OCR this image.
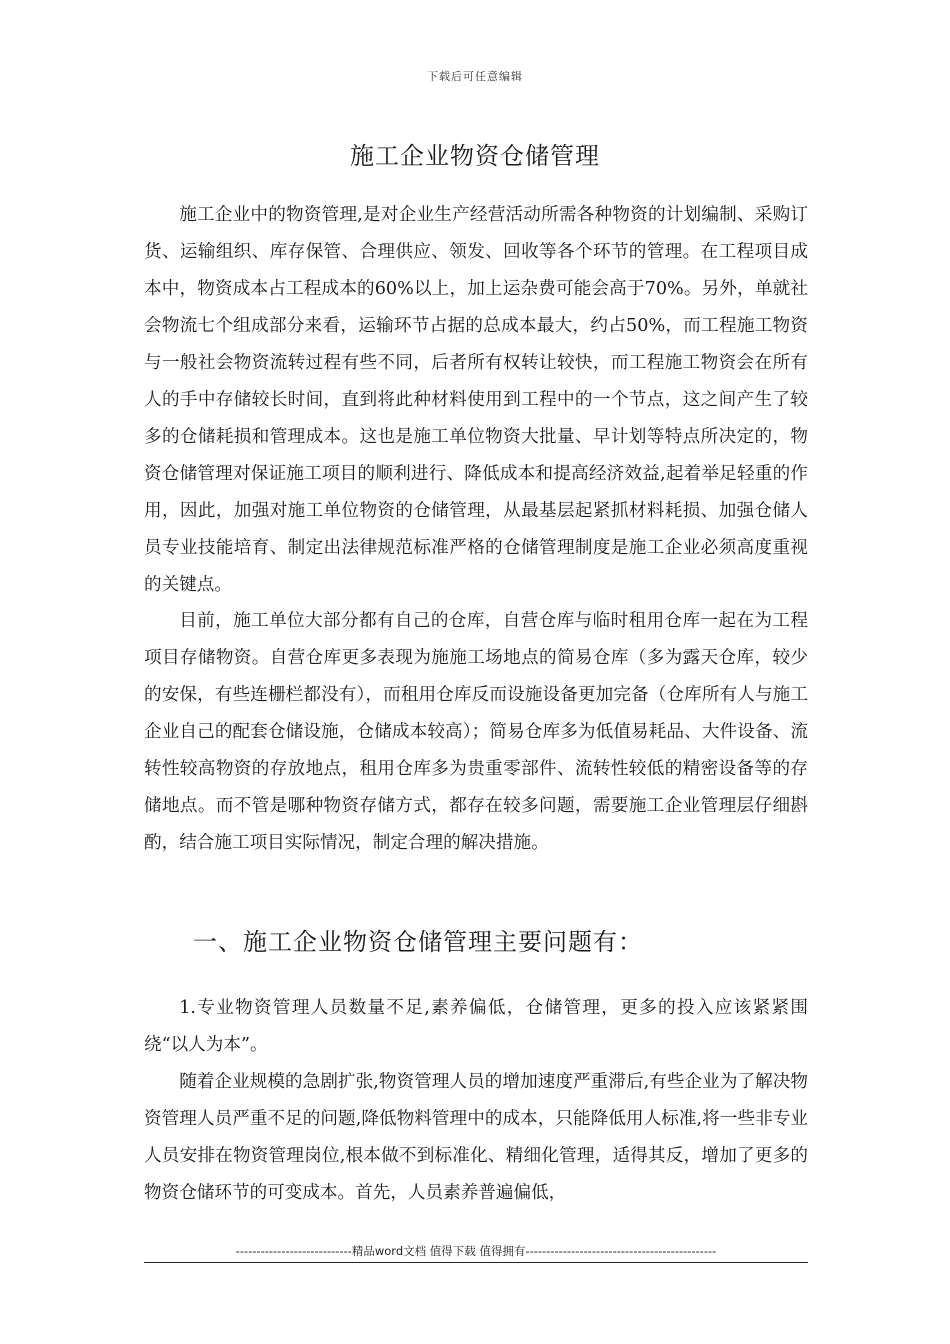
下载后可任意编辑
施工企业物资仓储管理

施工企业中的物资管理,是对企业生产经营活动所需各种物资的计划编制、采购订货、运输组织、库存保管、合理供应、领发、回收等各个环节的管理。在工程项目成本中，物资成本占工程成本的60%以上，加上运杂费可能会高于70%。另外，单就社会物流七个组成部分来看，运输环节占据的总成本最大，约占50%，而工程施工物资与一般社会物资流转过程有些不同，后者所有权转让较快，而工程施工物资会在所有人的手中存储较长时间，直到将此种材料使用到工程中的一个节点，这之间产生了较多的仓储耗损和管理成本。这也是施工单位物资大批量、早计划等特点所决定的，物资仓储管理对保证施工项目的顺利进行、降低成本和提高经济效益,起着举足轻重的作用，因此，加强对施工单位物资的仓储管理，从最基层起紧抓材料耗损、加强仓储人员专业技能培育、制定出法律规范标准严格的仓储管理制度是施工企业必须高度重视的关键点。

目前，施工单位大部分都有自己的仓库，自营仓库与临时租用仓库一起在为工程项目存储物资。自营仓库更多表现为施施工场地点的简易仓库（多为露天仓库，较少的安保，有些连栅栏都没有），而租用仓库反而设施设备更加完备（仓库所有人与施工企业自己的配套仓储设施，仓储成本较高）；简易仓库多为低值易耗品、大件设备、流转性较高物资的存放地点，租用仓库多为贵重零部件、流转性较低的精密设备等的存储地点。而不管是哪种物资存储方式，都存在较多问题，需要施工企业管理层仔细斟酌，结合施工项目实际情况，制定合理的解决措施。

一、施工企业物资仓储管理主要问题有：

1.专业物资管理人员数量不足,素养偏低，仓储管理，更多的投入应该紧紧围绕“以人为本”。

随着企业规模的急剧扩张,物资管理人员的增加速度严重滞后,有些企业为了解决物资管理人员严重不足的问题,降低物料管理中的成本，只能降低用人标准,将一些非专业人员安排在物资管理岗位,根本做不到标准化、精细化管理，适得其反，增加了更多的物资仓储环节的可变成本。首先，人员素养普遍偏低，

----------------------------精品word文档 值得下载 值得拥有----------------------------------------------
